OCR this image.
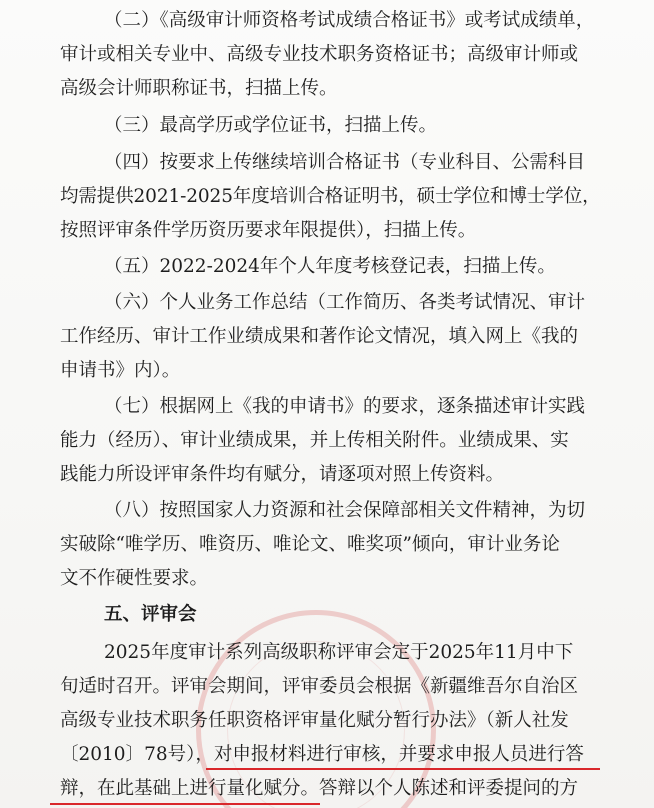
（二）《高级审计师资格考试成绩合格证书》或考试成绩单，
审计或相关专业中、高级专业技术职务资格证书；高级审计师或
高级会计师职称证书，扫描上传。
（三）最高学历或学位证书，扫描上传。
（四）按要求上传继续培训合格证书（专业科目、公需科目
均需提供2021-2025年度培训合格证明书，硕士学位和博士学位，
按照评审条件学历资历要求年限提供），扫描上传。
（五）2022-2024年个人年度考核登记表，扫描上传。
（六）个人业务工作总结（工作简历、各类考试情况、审计
工作经历、审计工作业绩成果和著作论文情况，填入网上《我的
申请书》内）。
（七）根据网上《我的申请书》的要求，逐条描述审计实践
能力（经历）、审计业绩成果，并上传相关附件。业绩成果、实
践能力所设评审条件均有赋分，请逐项对照上传资料。
（八）按照国家人力资源和社会保障部相关文件精神，为切
实破除“唯学历、唯资历、唯论文、唯奖项”倾向，审计业务论
文不作硬性要求。
五、评审会
2025年度审计系列高级职称评审会定于2025年11月中下
旬适时召开。评审会期间，评审委员会根据《新疆维吾尔自治区
高级专业技术职务任职资格评审量化赋分暂行办法》（新人社发
〔2010〕78号），对申报材料进行审核，并要求申报人员进行答
辩，在此基础上进行量化赋分。答辩以个人陈述和评委提问的方
